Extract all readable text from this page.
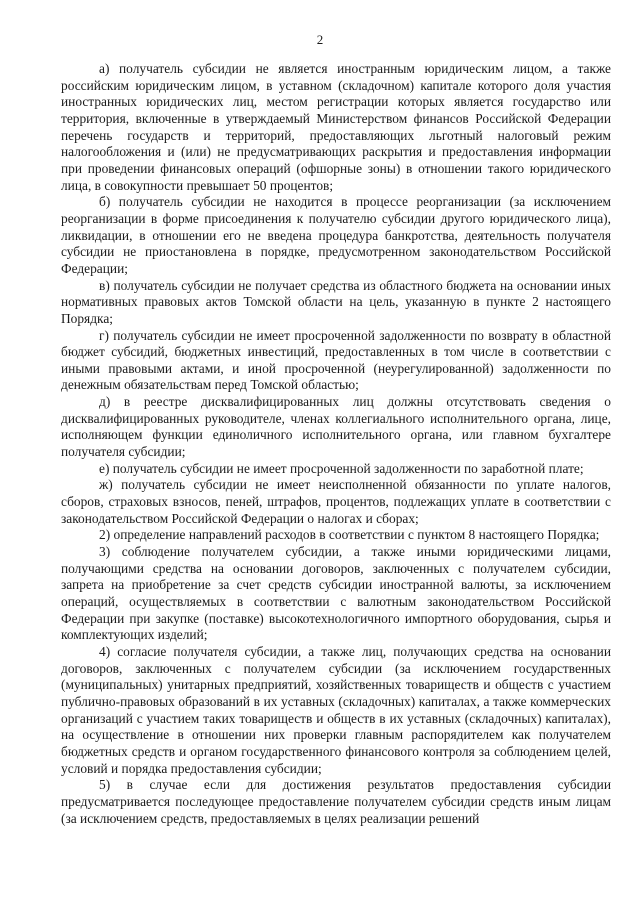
2

а) получатель субсидии не является иностранным юридическим лицом, а также российским юридическим лицом, в уставном (складочном) капитале которого доля участия иностранных юридических лиц, местом регистрации которых является государство или территория, включенные в утверждаемый Министерством финансов Российской Федерации перечень государств и территорий, предоставляющих льготный налоговый режим налогообложения и (или) не предусматривающих раскрытия и предоставления информации при проведении финансовых операций (офшорные зоны) в отношении такого юридического лица, в совокупности превышает 50 процентов;

б) получатель субсидии не находится в процессе реорганизации (за исключением реорганизации в форме присоединения к получателю субсидии другого юридического лица), ликвидации, в отношении его не введена процедура банкротства, деятельность получателя субсидии не приостановлена в порядке, предусмотренном законодательством Российской Федерации;

в) получатель субсидии не получает средства из областного бюджета на основании иных нормативных правовых актов Томской области на цель, указанную в пункте 2 настоящего Порядка;

г) получатель субсидии не имеет просроченной задолженности по возврату в областной бюджет субсидий, бюджетных инвестиций, предоставленных в том числе в соответствии с иными правовыми актами, и иной просроченной (неурегулированной) задолженности по денежным обязательствам перед Томской областью;

д) в реестре дисквалифицированных лиц должны отсутствовать сведения о дисквалифицированных руководителе, членах коллегиального исполнительного органа, лице, исполняющем функции единоличного исполнительного органа, или главном бухгалтере получателя субсидии;

е) получатель субсидии не имеет просроченной задолженности по заработной плате;

ж) получатель субсидии не имеет неисполненной обязанности по уплате налогов, сборов, страховых взносов, пеней, штрафов, процентов, подлежащих уплате в соответствии с законодательством Российской Федерации о налогах и сборах;

2) определение направлений расходов в соответствии с пунктом 8 настоящего Порядка;

3) соблюдение получателем субсидии, а также иными юридическими лицами, получающими средства на основании договоров, заключенных с получателем субсидии, запрета на приобретение за счет средств субсидии иностранной валюты, за исключением операций, осуществляемых в соответствии с валютным законодательством Российской Федерации при закупке (поставке) высокотехнологичного импортного оборудования, сырья и комплектующих изделий;

4) согласие получателя субсидии, а также лиц, получающих средства на основании договоров, заключенных с получателем субсидии (за исключением государственных (муниципальных) унитарных предприятий, хозяйственных товариществ и обществ с участием публично-правовых образований в их уставных (складочных) капиталах, а также коммерческих организаций с участием таких товариществ и обществ в их уставных (складочных) капиталах), на осуществление в отношении них проверки главным распорядителем как получателем бюджетных средств и органом государственного финансового контроля за соблюдением целей, условий и порядка предоставления субсидии;

5) в случае если для достижения результатов предоставления субсидии предусматривается последующее предоставление получателем субсидии средств иным лицам (за исключением средств, предоставляемых в целях реализации решений
